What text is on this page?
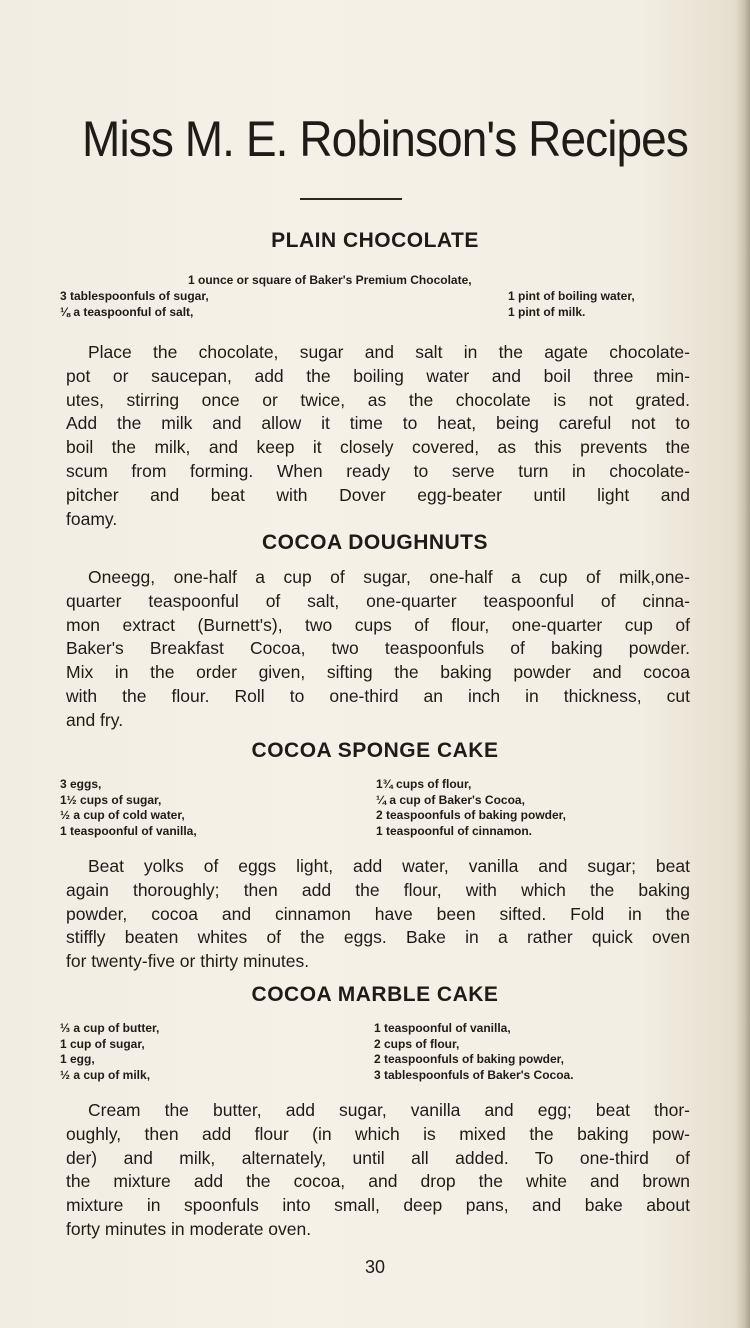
Miss M. E. Robinson's Recipes
PLAIN CHOCOLATE
1 ounce or square of Baker's Premium Chocolate,
3 tablespoonfuls of sugar,
⅛ a teaspoonful of salt,
1 pint of boiling water,
1 pint of milk.
Place the chocolate, sugar and salt in the agate chocolate-
pot or saucepan, add the boiling water and boil three min-
utes, stirring once or twice, as the chocolate is not grated.
Add the milk and allow it time to heat, being careful not to
boil the milk, and keep it closely covered, as this prevents the
scum from forming. When ready to serve turn in chocolate-
pitcher and beat with Dover egg-beater until light and
foamy.
COCOA DOUGHNUTS
Oneegg, one-half a cup of sugar, one-half a cup of milk,one-
quarter teaspoonful of salt, one-quarter teaspoonful of cinna-
mon extract (Burnett's), two cups of flour, one-quarter cup of
Baker's Breakfast Cocoa, two teaspoonfuls of baking powder.
Mix in the order given, sifting the baking powder and cocoa
with the flour. Roll to one-third an inch in thickness, cut
and fry.
COCOA SPONGE CAKE
3 eggs,
1½ cups of sugar,
½ a cup of cold water,
1 teaspoonful of vanilla,
1¾ cups of flour,
¼ a cup of Baker's Cocoa,
2 teaspoonfuls of baking powder,
1 teaspoonful of cinnamon.
Beat yolks of eggs light, add water, vanilla and sugar; beat
again thoroughly; then add the flour, with which the baking
powder, cocoa and cinnamon have been sifted. Fold in the
stiffly beaten whites of the eggs. Bake in a rather quick oven
for twenty-five or thirty minutes.
COCOA MARBLE CAKE
⅓ a cup of butter,
1 cup of sugar,
1 egg,
½ a cup of milk,
1 teaspoonful of vanilla,
2 cups of flour,
2 teaspoonfuls of baking powder,
3 tablespoonfuls of Baker's Cocoa.
Cream the butter, add sugar, vanilla and egg; beat thor-
oughly, then add flour (in which is mixed the baking pow-
der) and milk, alternately, until all added. To one-third of
the mixture add the cocoa, and drop the white and brown
mixture in spoonfuls into small, deep pans, and bake about
forty minutes in moderate oven.
30
